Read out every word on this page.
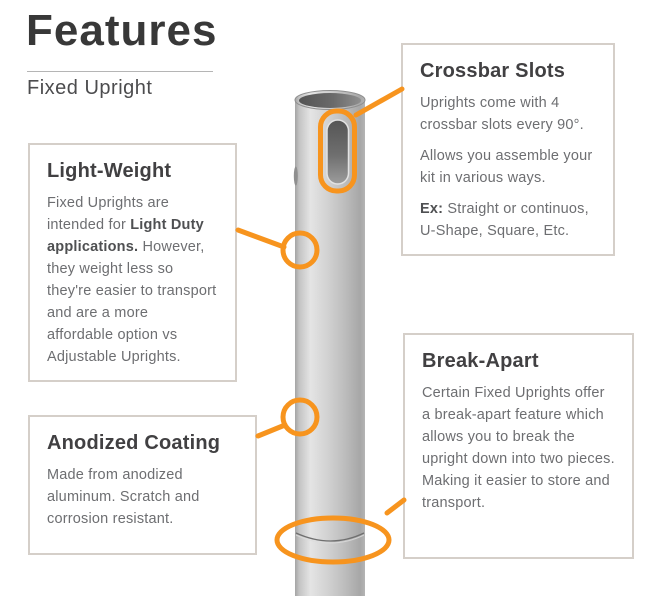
Features
Fixed Upright
Crossbar Slots

Uprights come with 4 crossbar slots every 90°.

Allows you assemble your kit in various ways.

Ex: Straight or continuos, U-Shape, Square, Etc.

Light-Weight

Fixed Uprights are intended for Light Duty applications. However, they weight less so they're easier to transport and are a more affordable option vs Adjustable Uprights.

Anodized Coating

Made from anodized aluminum. Scratch and corrosion resistant.

Break-Apart

Certain Fixed Uprights offer a break-apart feature which allows you to break the upright down into two pieces. Making it easier to store and transport.
